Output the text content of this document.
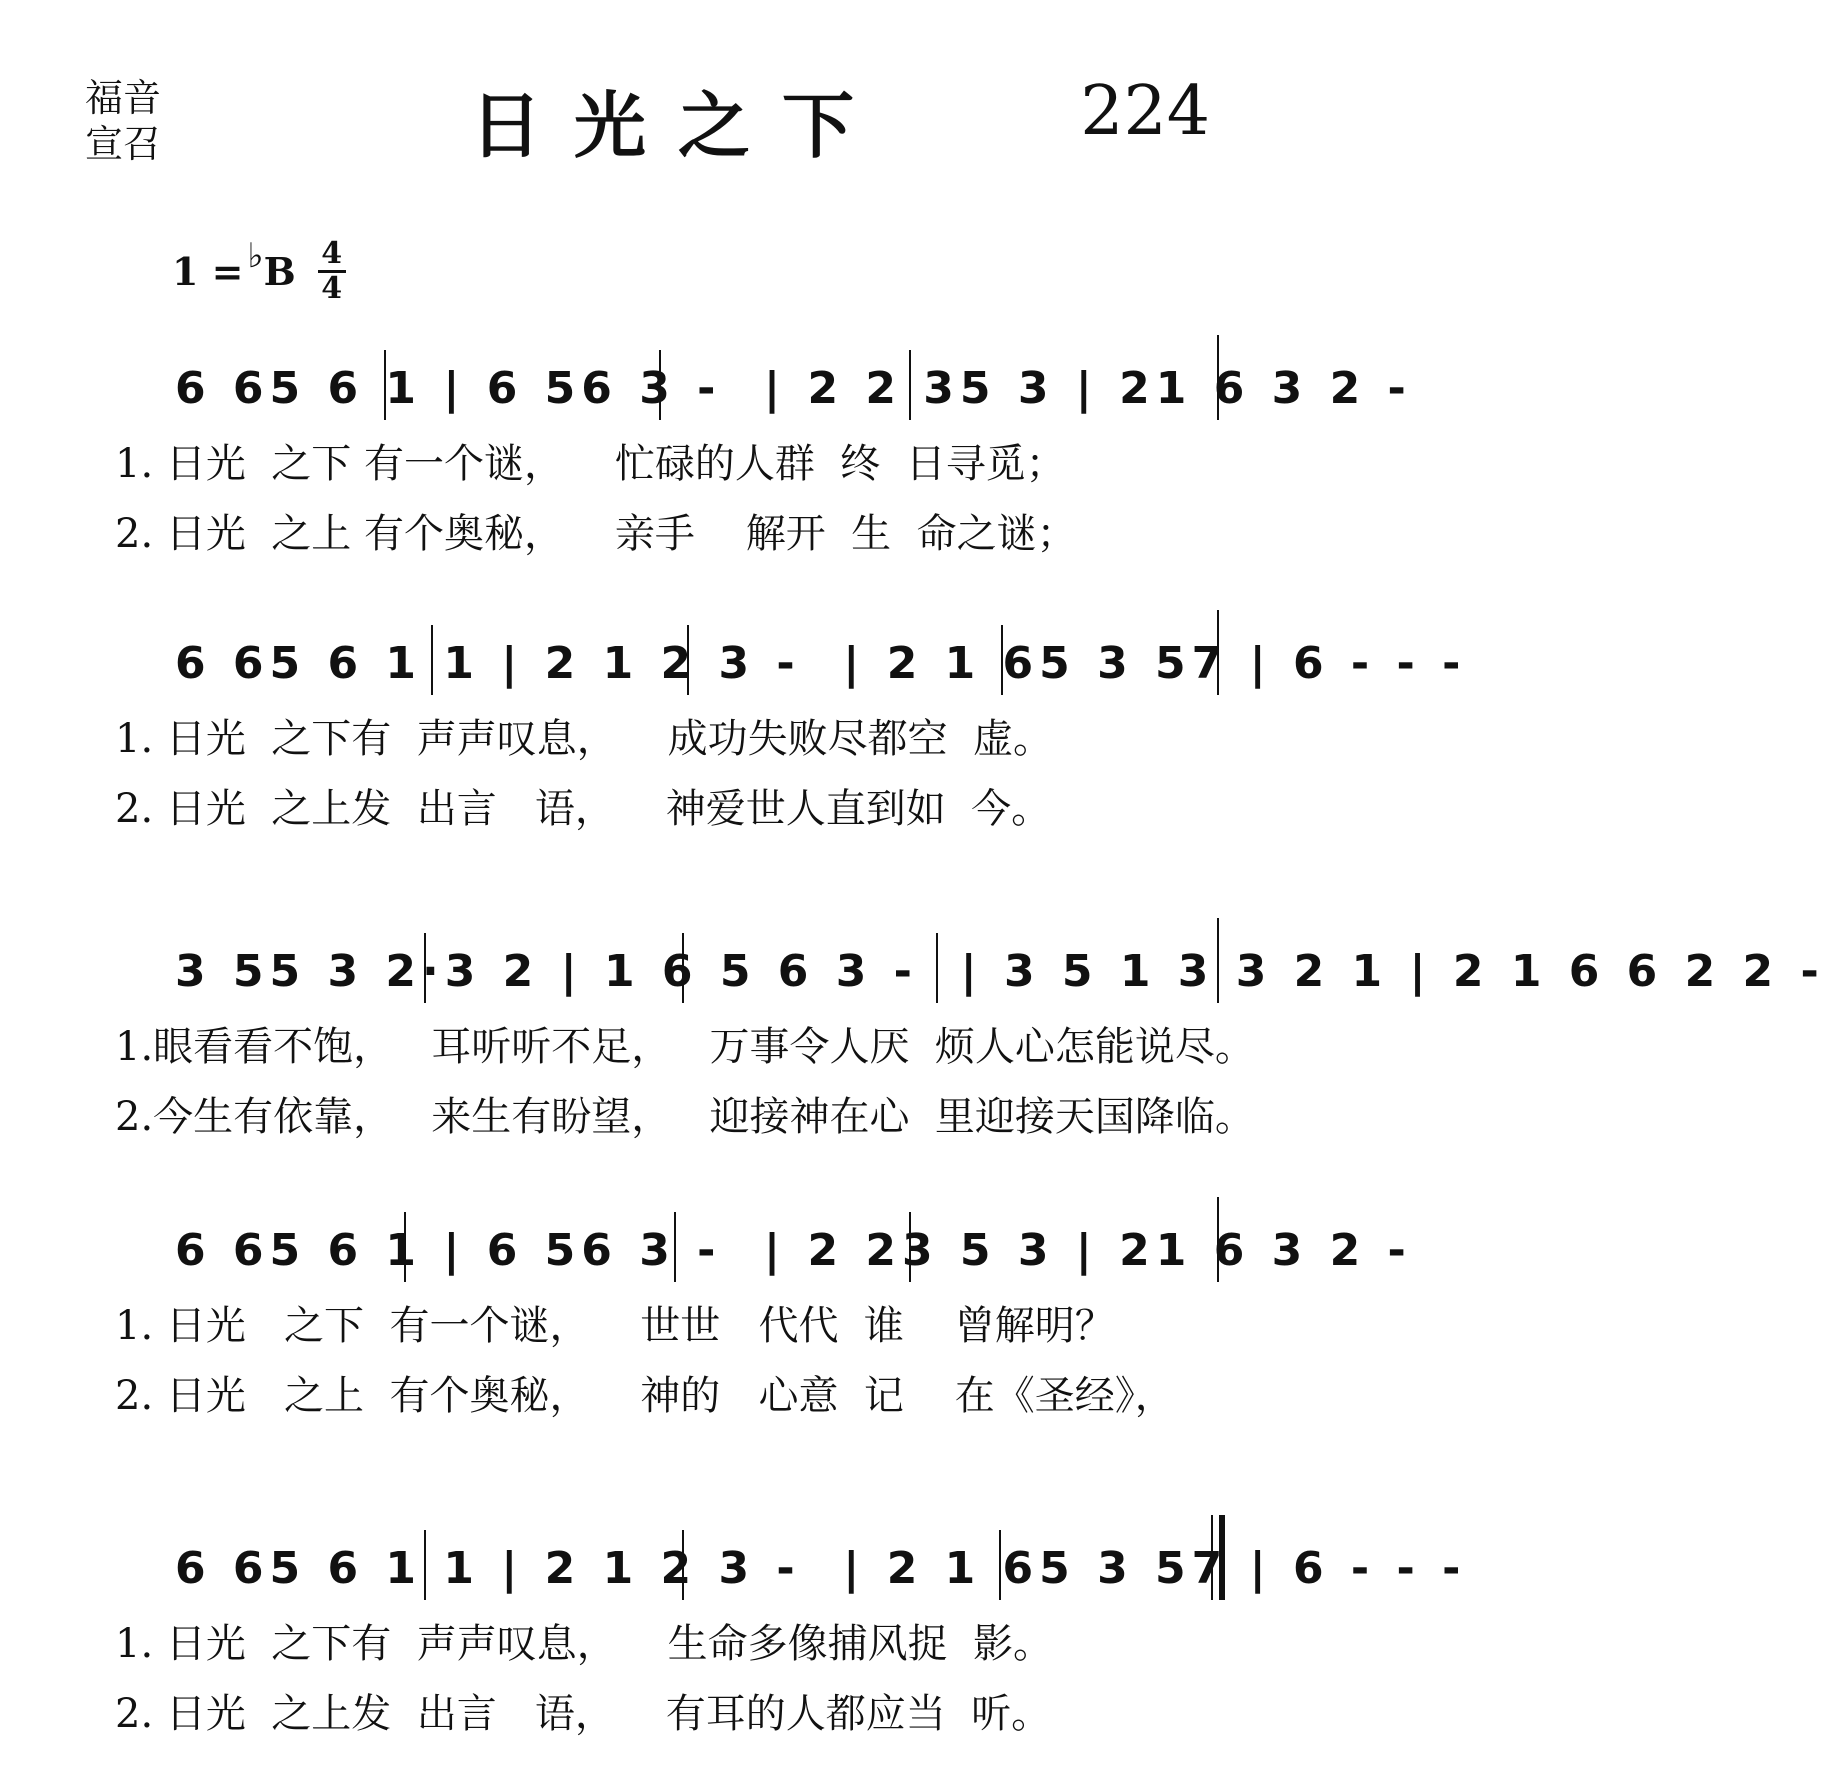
福音
宣召	日光之下	224
1 = ♭ B 4
4
6 65 6 1 | 6 56 3 -  | 2 2 35 3 | 21 6 3 2 -
1. 日光  之下 有一个谜，    忙碌的人群  终  日寻觅；
2. 日光  之上 有个奥秘，    亲手    解开  生  命之谜；
6 65 6 1 1 | 2 1 2 3 -  | 2 1 65 3 57 | 6 - - -
1. 日光  之下有  声声叹息，    成功失败尽都空  虚。
2. 日光  之上发  出言   语，    神爱世人直到如  今。
3 55 3 2·3 2 | 1 6 5 6 3 -  | 3 5 1 3 3 2 1 | 2 1 6 6 2 2 -
1.眼看看不饱，   耳听听不足，   万事令人厌  烦人心怎能说尽。
2.今生有依靠，   来生有盼望，   迎接神在心  里迎接天国降临。
6 65 6 1 | 6 56 3 -  | 2 23 5 3 | 21 6 3 2 -
1. 日光   之下  有一个谜，    世世   代代  谁    曾解明？
2. 日光   之上  有个奥秘，    神的   心意  记    在《圣经》，
6 65 6 1 1 | 2 1 2 3 -  | 2 1 65 3 57 | 6 - - -
1. 日光  之下有  声声叹息，    生命多像捕风捉  影。
2. 日光  之上发  出言   语，    有耳的人都应当  听。
